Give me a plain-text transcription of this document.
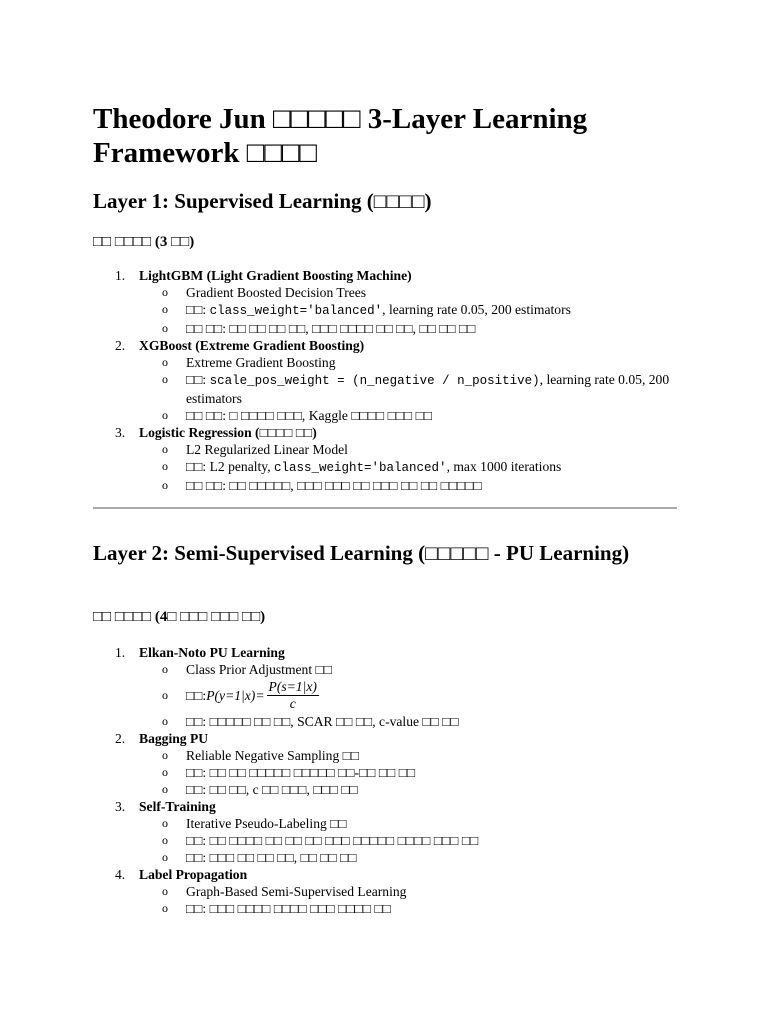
Theodore Jun □□□□□ 3-Layer Learning Framework □□□□
Layer 1: Supervised Learning (□□□□)
□□ □□□□ (3 □□)
1. LightGBM (Light Gradient Boosting Machine)
o Gradient Boosted Decision Trees
o □□: class_weight='balanced', learning rate 0.05, 200 estimators
o □□ □□: □□ □□ □□ □□, □□□ □□□□ □□ □□, □□ □□ □□
2. XGBoost (Extreme Gradient Boosting)
o Extreme Gradient Boosting
o □□: scale_pos_weight = (n_negative / n_positive), learning rate 0.05, 200 estimators
o □□ □□: □ □□□□ □□□, Kaggle □□□□ □□□ □□
3. Logistic Regression (□□□□ □□)
o L2 Regularized Linear Model
o □□: L2 penalty, class_weight='balanced', max 1000 iterations
o □□ □□: □□ □□□□□, □□□ □□□ □□ □□□ □□ □□ □□□□□
Layer 2: Semi-Supervised Learning (□□□□□ - PU Learning)
□□ □□□□ (4□ □□□ □□□ □□)
1. Elkan-Noto PU Learning
o Class Prior Adjustment □□
o □□: $P(y=1|x)= \frac{P(s=1|x)}{c}$
o □□: □□□□□ □□ □□, SCAR □□ □□, c-value □□ □□
2. Bagging PU
o Reliable Negative Sampling □□
o □□: □□ □□ □□□□□ □□□□□ □□-□□ □□ □□
o □□: □□ □□, c □□ □□□, □□□ □□
3. Self-Training
o Iterative Pseudo-Labeling □□
o □□: □□ □□□□ □□ □□ □□ □□□ □□□□□ □□□□ □□□ □□
o □□: □□□ □□ □□ □□, □□ □□ □□
4. Label Propagation
o Graph-Based Semi-Supervised Learning
o □□: □□□ □□□□ □□□□ □□□ □□□□ □□
